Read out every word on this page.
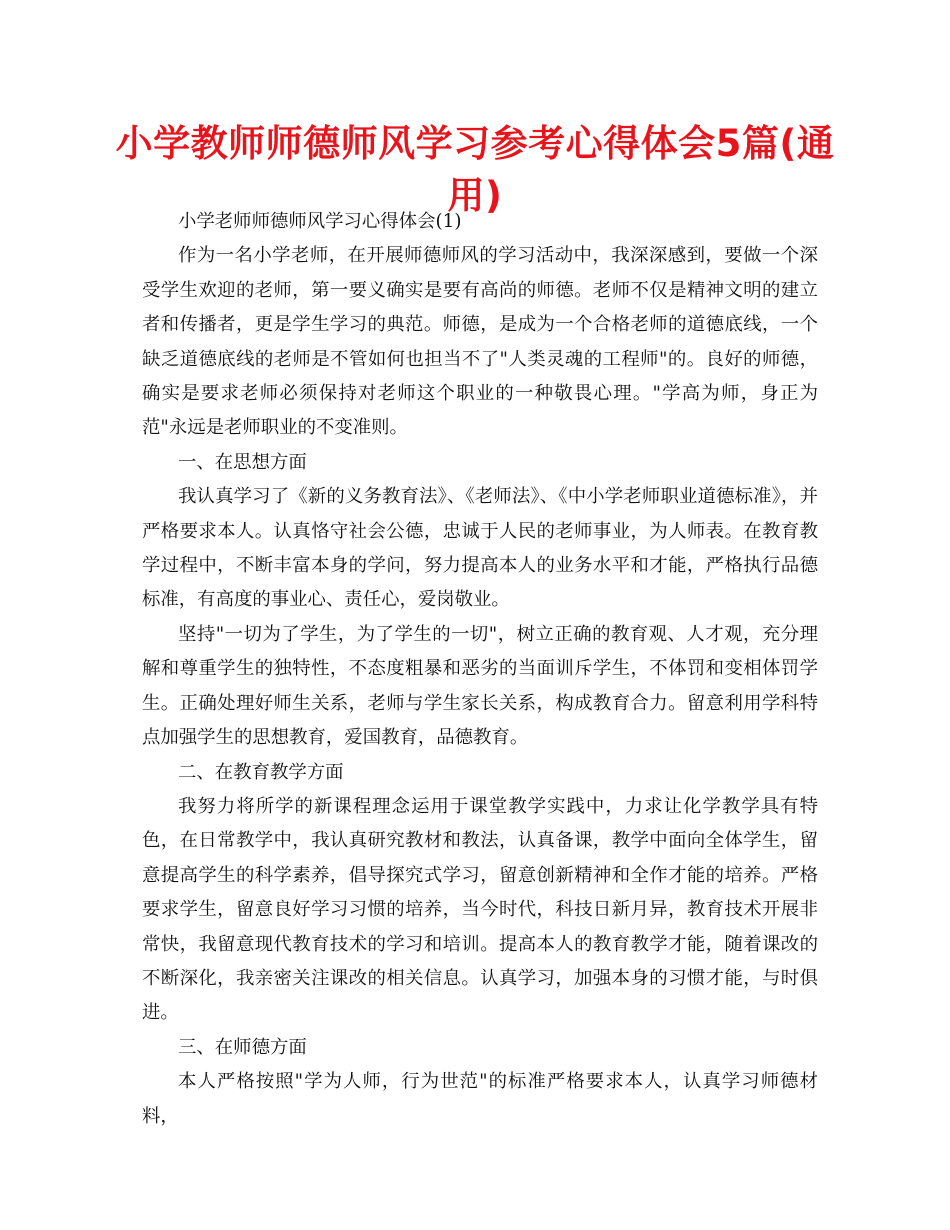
小学教师师德师风学习参考心得体会5篇(通用)

小学老师师德师风学习心得体会(1)

作为一名小学老师，在开展师德师风的学习活动中，我深深感到，要做一个深受学生欢迎的老师，第一要义确实是要有高尚的师德。老师不仅是精神文明的建立者和传播者，更是学生学习的典范。师德，是成为一个合格老师的道德底线，一个缺乏道德底线的老师是不管如何也担当不了"人类灵魂的工程师"的。良好的师德，确实是要求老师必须保持对老师这个职业的一种敬畏心理。"学高为师，身正为范"永远是老师职业的不变准则。

一、在思想方面

我认真学习了《新的义务教育法》、《老师法》、《中小学老师职业道德标准》，并严格要求本人。认真恪守社会公德，忠诚于人民的老师事业，为人师表。在教育教学过程中，不断丰富本身的学问，努力提高本人的业务水平和才能，严格执行品德标准，有高度的事业心、责任心，爱岗敬业。

坚持"一切为了学生，为了学生的一切"，树立正确的教育观、人才观，充分理解和尊重学生的独特性，不态度粗暴和恶劣的当面训斥学生，不体罚和变相体罚学生。正确处理好师生关系，老师与学生家长关系，构成教育合力。留意利用学科特点加强学生的思想教育，爱国教育，品德教育。

二、在教育教学方面

我努力将所学的新课程理念运用于课堂教学实践中，力求让化学教学具有特色，在日常教学中，我认真研究教材和教法，认真备课，教学中面向全体学生，留意提高学生的科学素养，倡导探究式学习，留意创新精神和全作才能的培养。严格要求学生，留意良好学习习惯的培养，当今时代，科技日新月异，教育技术开展非常快，我留意现代教育技术的学习和培训。提高本人的教育教学才能，随着课改的不断深化，我亲密关注课改的相关信息。认真学习，加强本身的习惯才能，与时俱进。

三、在师德方面

本人严格按照"学为人师，行为世范"的标准严格要求本人，认真学习师德材料，
